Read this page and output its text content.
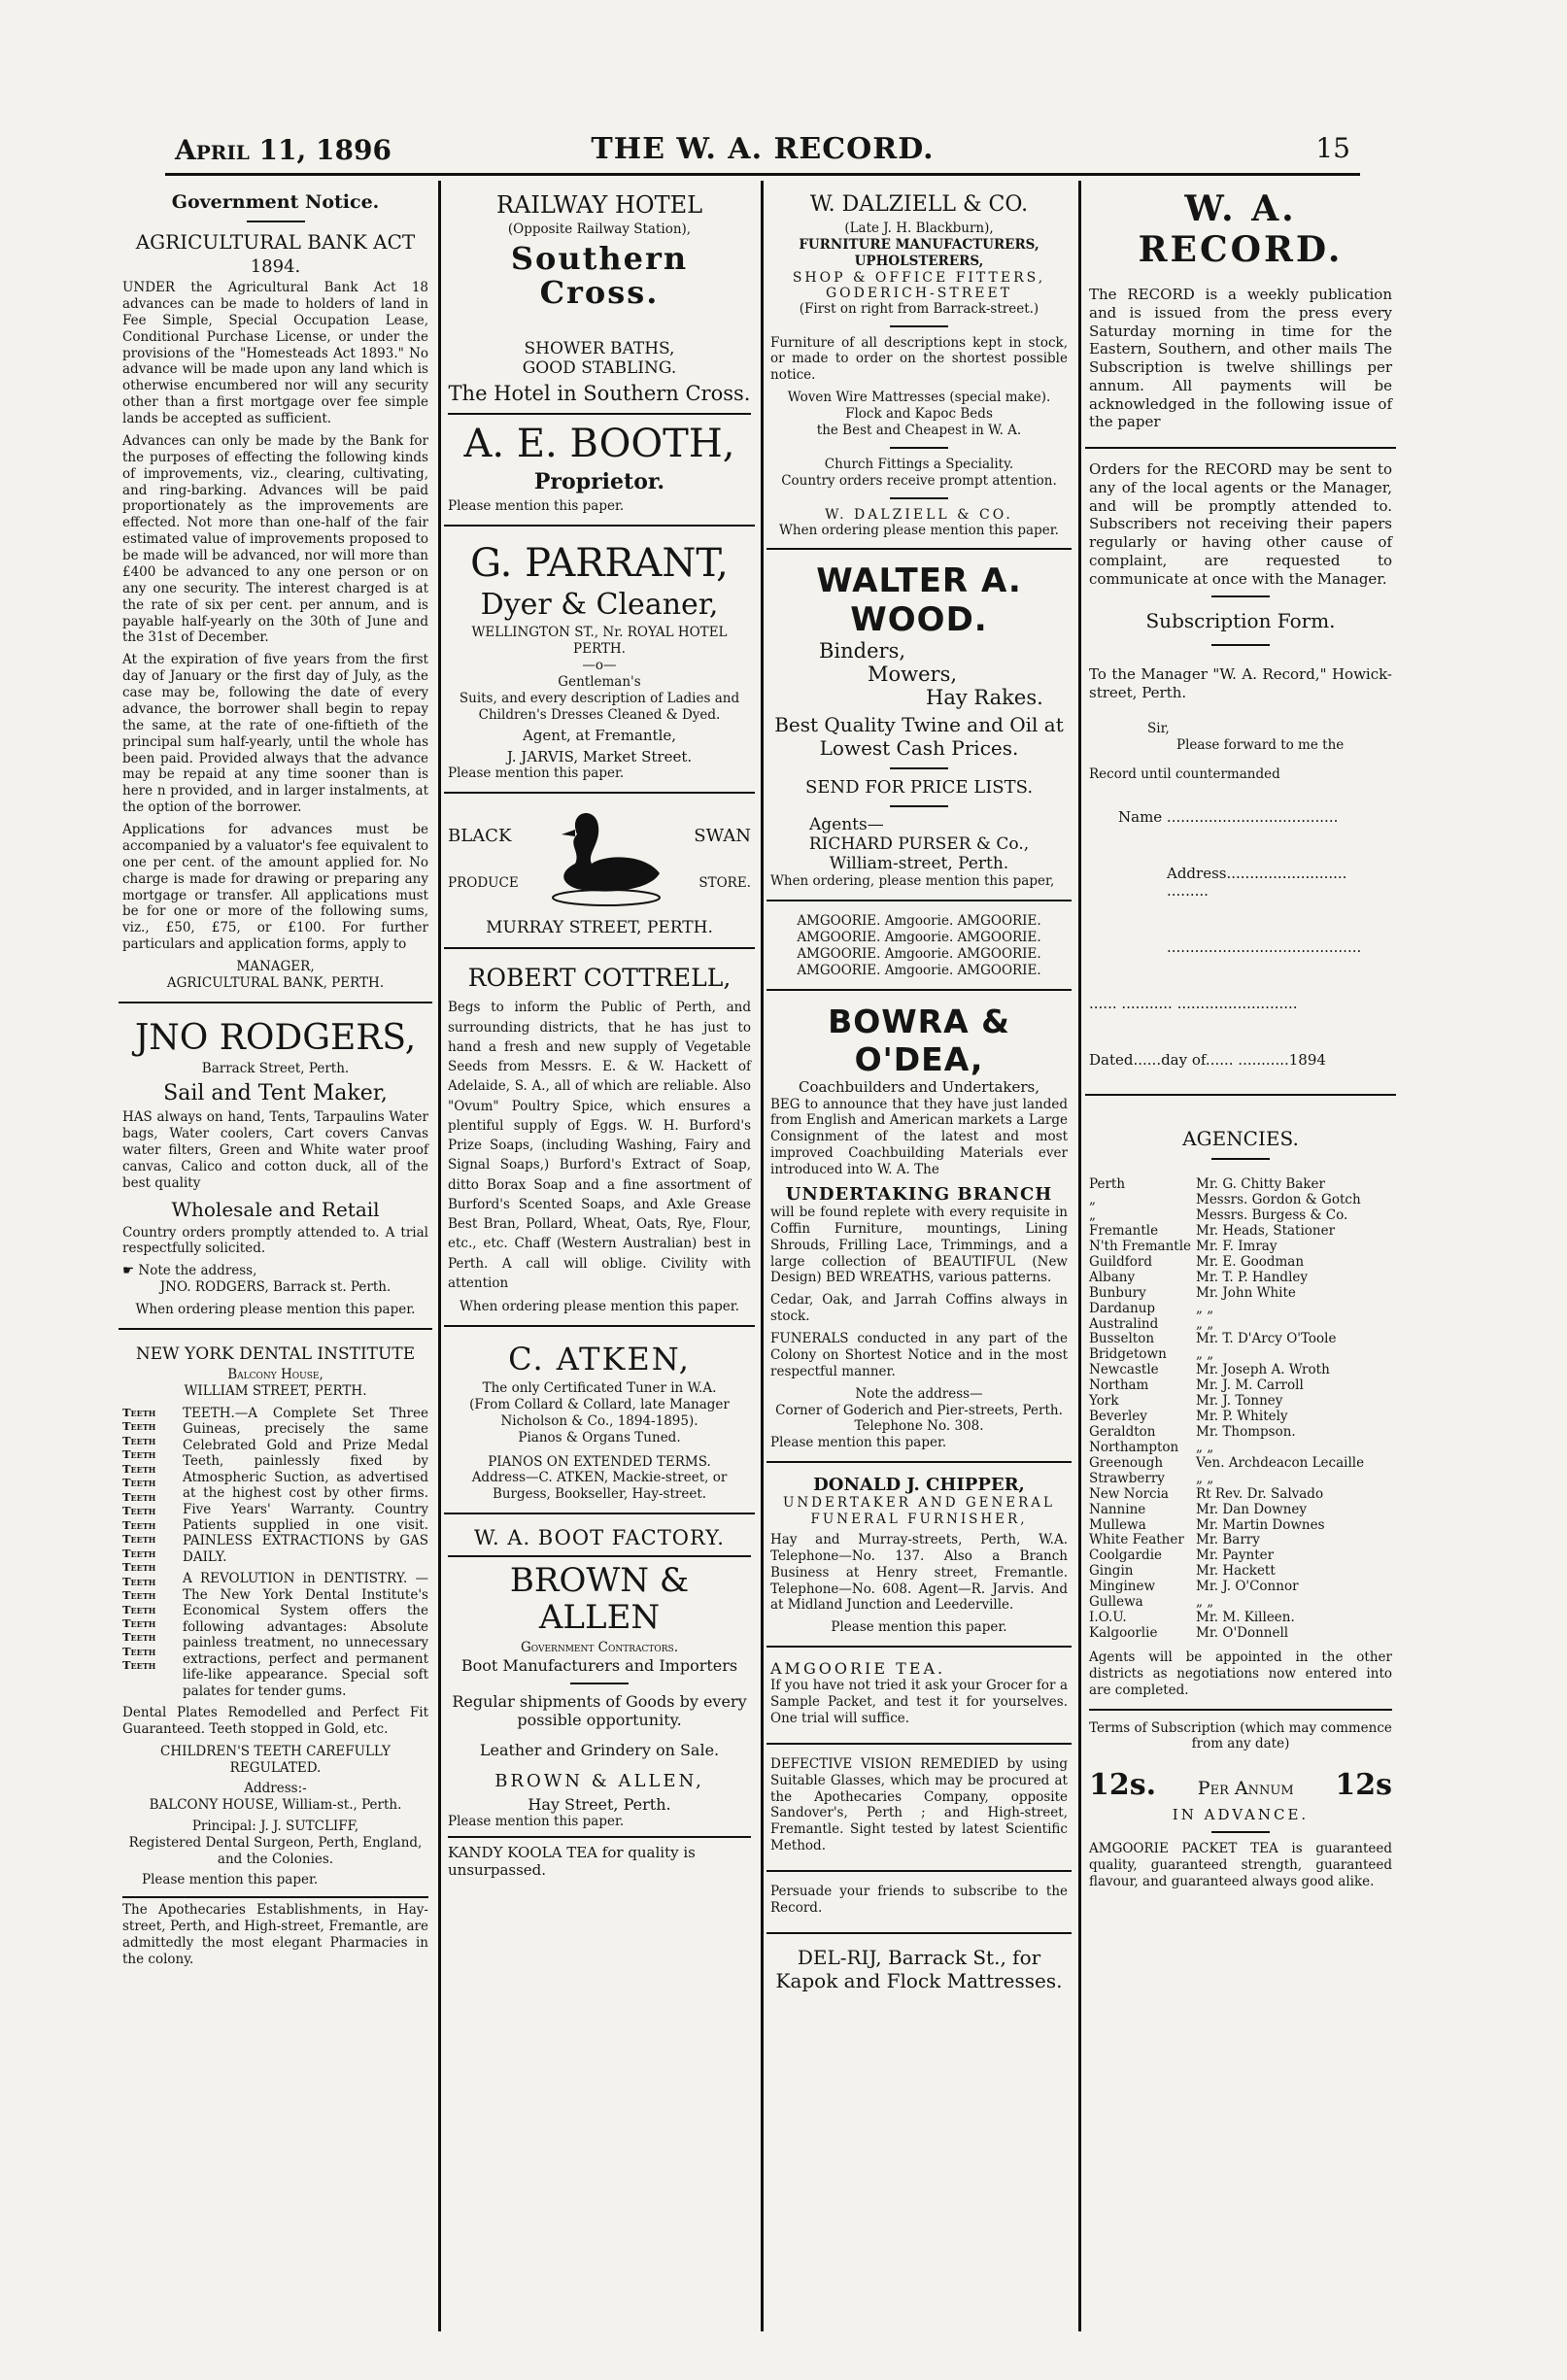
April 11, 1896	THE W. A. RECORD.	15
Government Notice.
AGRICULTURAL BANK ACT
1894.

UNDER the Agricultural Bank Act 18 advances can be made to holders of land in Fee Simple, Special Occupation Lease, Conditional Purchase License, or under the provisions of the "Homesteads Act 1893." No advance will be made upon any land which is otherwise encumbered nor will any security other than a first mortgage over fee simple lands be accepted as sufficient.

Advances can only be made by the Bank for the purposes of effecting the following kinds of improvements, viz., clearing, cultivating, and ring-barking. Advances will be paid proportionately as the improvements are effected. Not more than one-half of the fair estimated value of improvements proposed to be made will be advanced, nor will more than £400 be advanced to any one person or on any one security. The interest charged is at the rate of six per cent. per annum, and is payable half-yearly on the 30th of June and the 31st of December.

At the expiration of five years from the first day of January or the first day of July, as the case may be, following the date of every advance, the borrower shall begin to repay the same, at the rate of one-fiftieth of the principal sum half-yearly, until the whole has been paid. Provided always that the advance may be repaid at any time sooner than is here n provided, and in larger instalments, at the option of the borrower.

Applications for advances must be accompanied by a valuator's fee equivalent to one per cent. of the amount applied for. No charge is made for drawing or preparing any mortgage or transfer. All applications must be for one or more of the following sums, viz., £50, £75, or £100. For further particulars and application forms, apply to

MANAGER,
AGRICULTURAL BANK, PERTH.
JNO RODGERS,
Barrack Street, Perth.
Sail and Tent Maker,

HAS always on hand, Tents, Tarpaulins Water bags, Water coolers, Cart covers Canvas water filters, Green and White water proof canvas, Calico and cotton duck, all of the best quality

Wholesale and Retail

Country orders promptly attended to. A trial respectfully solicited.

☛ Note the address,
JNO. RODGERS, Barrack st. Perth.
When ordering please mention this paper.
NEW YORK DENTAL INSTITUTE
Balcony House,
WILLIAM STREET, PERTH.
Teeth
Teeth
Teeth
Teeth
Teeth
Teeth
Teeth
Teeth
Teeth
Teeth
Teeth
Teeth
Teeth
Teeth
Teeth
Teeth
Teeth
Teeth
Teeth
TEETH.—A Complete Set Three Guineas, precisely the same Celebrated Gold and Prize Medal Teeth, painlessly fixed by Atmospheric Suction, as advertised at the highest cost by other firms. Five Years' Warranty. Country Patients supplied in one visit. PAINLESS EXTRACTIONS by GAS DAILY.
A REVOLUTION in DENTISTRY. —The New York Dental Institute's Economical System offers the following advantages: Absolute painless treatment, no unnecessary extractions, perfect and permanent life-like appearance. Special soft palates for tender gums.

Dental Plates Remodelled and Perfect Fit Guaranteed. Teeth stopped in Gold, etc.

CHILDREN'S TEETH CAREFULLY REGULATED.
Address:-
BALCONY HOUSE, William-st., Perth.
Principal: J. J. SUTCLIFF,
Registered Dental Surgeon, Perth, England, and the Colonies.
Please mention this paper.

The Apothecaries Establishments, in Hay-street, Perth, and High-street, Fremantle, are admittedly the most elegant Pharmacies in the colony.

RAILWAY HOTEL
(Opposite Railway Station),
Southern Cross.
SHOWER BATHS,
GOOD STABLING.
The Hotel in Southern Cross.
A. E. BOOTH,
Proprietor.
Please mention this paper.
G. PARRANT,
Dyer & Cleaner,
WELLINGTON ST., Nr. ROYAL HOTEL PERTH.
—o—
Gentleman's
Suits, and every description of Ladies and Children's Dresses Cleaned & Dyed.
Agent, at Fremantle,
J. JARVIS, Market Street.
Please mention this paper.
BLACK
PRODUCE
SWAN
STORE.
MURRAY STREET, PERTH.
ROBERT COTTRELL,

Begs to inform the Public of Perth, and surrounding districts, that he has just to hand a fresh and new supply of Vegetable Seeds from Messrs. E. & W. Hackett of Adelaide, S. A., all of which are reliable. Also "Ovum" Poultry Spice, which ensures a plentiful supply of Eggs. W. H. Burford's Prize Soaps, (including Washing, Fairy and Signal Soaps,) Burford's Extract of Soap, ditto Borax Soap and a fine assortment of Burford's Scented Soaps, and Axle Grease Best Bran, Pollard, Wheat, Oats, Rye, Flour, etc., etc. Chaff (Western Australian) best in Perth. A call will oblige. Civility with attention

When ordering please mention this paper.
C. ATKEN,
The only Certificated Tuner in W.A.
(From Collard & Collard, late Manager Nicholson & Co., 1894-1895).
Pianos & Organs Tuned.
PIANOS ON EXTENDED TERMS.
Address—C. ATKEN, Mackie-street, or Burgess, Bookseller, Hay-street.
W. A. BOOT FACTORY.
BROWN & ALLEN
Government Contractors.
Boot Manufacturers and Importers
Regular shipments of Goods by every possible opportunity.
Leather and Grindery on Sale.
BROWN & ALLEN,
Hay Street, Perth.
Please mention this paper.
KANDY KOOLA TEA for quality is unsurpassed.
W. DALZIELL & CO.
(Late J. H. Blackburn),
FURNITURE MANUFACTURERS,
UPHOLSTERERS,
SHOP & OFFICE FITTERS,
GODERICH-STREET
(First on right from Barrack-street.)

Furniture of all descriptions kept in stock, or made to order on the shortest possible notice.

Woven Wire Mattresses (special make).
Flock and Kapoc Beds
the Best and Cheapest in W. A.
Church Fittings a Speciality.
Country orders receive prompt attention.
W. DALZIELL & CO.
When ordering please mention this paper.
WALTER A. WOOD.
Binders,
Mowers,
Hay Rakes.
Best Quality Twine and Oil at Lowest Cash Prices.
SEND FOR PRICE LISTS.
Agents—
RICHARD PURSER & Co.,
William-street, Perth.
When ordering, please mention this paper,
AMGOORIE. Amgoorie. AMGOORIE.
AMGOORIE. Amgoorie. AMGOORIE.
AMGOORIE. Amgoorie. AMGOORIE.
AMGOORIE. Amgoorie. AMGOORIE.
BOWRA & O'DEA,
Coachbuilders and Undertakers,

BEG to announce that they have just landed from English and American markets a Large Consignment of the latest and most improved Coachbuilding Materials ever introduced into W. A. The

UNDERTAKING BRANCH

will be found replete with every requisite in Coffin Furniture, mountings, Lining Shrouds, Frilling Lace, Trimmings, and a large collection of BEAUTIFUL (New Design) BED WREATHS, various patterns.

Cedar, Oak, and Jarrah Coffins always in stock.

FUNERALS conducted in any part of the Colony on Shortest Notice and in the most respectful manner.

Note the address—
Corner of Goderich and Pier-streets, Perth.
Telephone No. 308.
Please mention this paper.
DONALD J. CHIPPER,
UNDERTAKER AND GENERAL
FUNERAL FURNISHER,

Hay and Murray-streets, Perth, W.A. Telephone—No. 137. Also a Branch Business at Henry street, Fremantle. Telephone—No. 608. Agent—R. Jarvis. And at Midland Junction and Leederville.

Please mention this paper.
AMGOORIE TEA.

If you have not tried it ask your Grocer for a Sample Packet, and test it for yourselves. One trial will suffice.

DEFECTIVE VISION REMEDIED by using Suitable Glasses, which may be procured at the Apothecaries Company, opposite Sandover's, Perth ; and High-street, Fremantle. Sight tested by latest Scientific Method.

Persuade your friends to subscribe to the Record.

DEL-RIJ, Barrack St., for Kapok and Flock Mattresses.
W. A. RECORD.

The RECORD is a weekly publication and is issued from the press every Saturday morning in time for the Eastern, Southern, and other mails The Subscription is twelve shillings per annum. All payments will be acknowledged in the following issue of the paper

Orders for the RECORD may be sent to any of the local agents or the Manager, and will be promptly attended to. Subscribers not receiving their papers regularly or having other cause of complaint, are requested to communicate at once with the Manager.

Subscription Form.

To the Manager "W. A. Record," Howick-street, Perth.

Sir,
Please forward to me the
Record until countermanded
Name .....................................
Address.......................... .........
..........................................
...... ........... ..........................
Dated......day of...... ...........1894
AGENCIES.
Perth	Mr. G. Chitty Baker
„	Messrs. Gordon & Gotch
„	Messrs. Burgess & Co.
Fremantle	Mr. Heads, Stationer
N'th Fremantle Mr. F. Imray
Guildford	Mr. E. Goodman
Albany	Mr. T. P. Handley
Bunbury	Mr. John White
Dardanup	„ „
Australind	„ „
Busselton	Mr. T. D'Arcy O'Toole
Bridgetown	„ „
Newcastle	Mr. Joseph A. Wroth
Northam	Mr. J. M. Carroll
York	Mr. J. Tonney
Beverley	Mr. P. Whitely
Geraldton	Mr. Thompson.
Northampton	„ „
Greenough	Ven. Archdeacon Lecaille
Strawberry	„ „
New Norcia	Rt Rev. Dr. Salvado
Nannine	Mr. Dan Downey
Mullewa	Mr. Martin Downes
White Feather Mr. Barry
Coolgardie	Mr. Paynter
Gingin	Mr. Hackett
Minginew	Mr. J. O'Connor
Gullewa	„ „
I.O.U.	Mr. M. Killeen.
Kalgoorlie	Mr. O'Donnell

Agents will be appointed in the other districts as negotiations now entered into are completed.

Terms of Subscription (which may commence from any date)

12s. Per Annum 12s
IN ADVANCE.

AMGOORIE PACKET TEA is guaranteed quality, guaranteed strength, guaranteed flavour, and guaranteed always good alike.
